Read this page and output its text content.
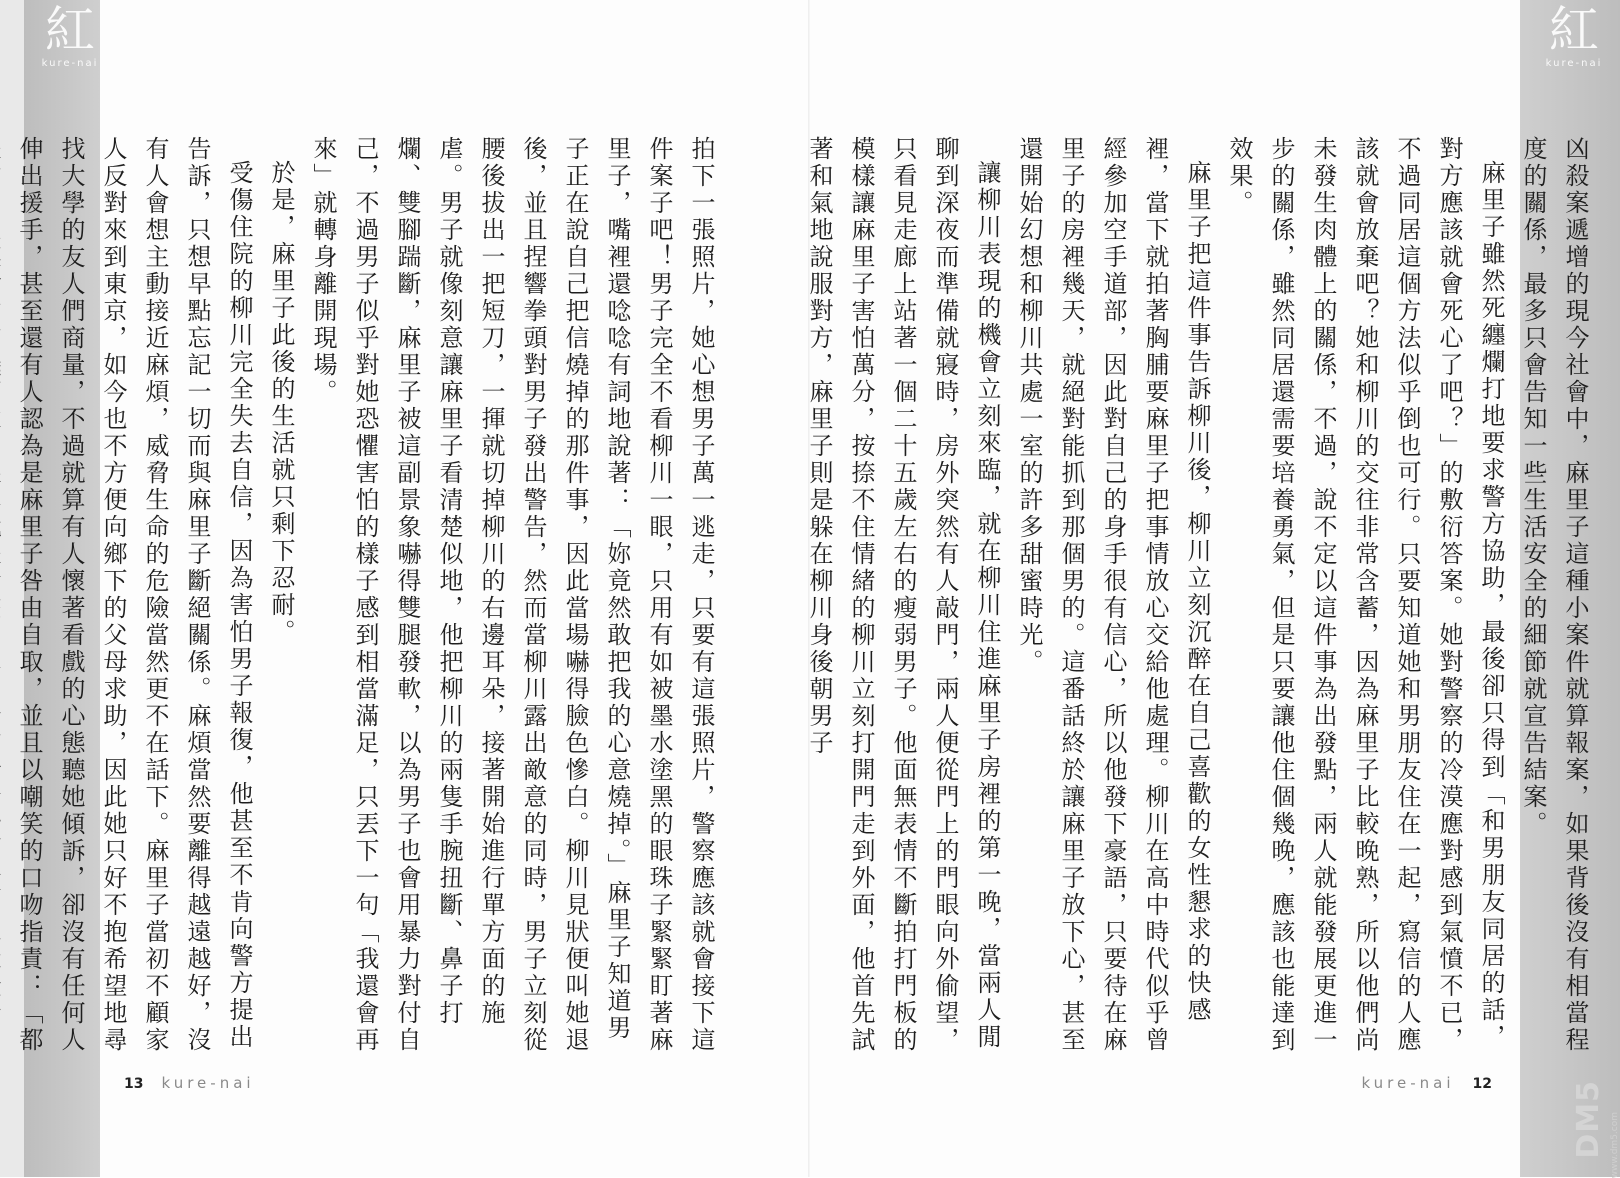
紅
kure-nai

拍下一張照片，她心想男子萬一逃走，只要有這張照片，警察應該就會接下這件案子吧！男子完全不看柳川一眼，只用有如被墨水塗黑的眼珠子緊緊盯著麻里子，嘴裡還唸唸有詞地說著：「妳竟然敢把我的心意燒掉。」麻里子知道男子正在說自己把信燒掉的那件事，因此當場嚇得臉色慘白。柳川見狀便叫她退後，並且捏響拳頭對男子發出警告，然而當柳川露出敵意的同時，男子立刻從腰後拔出一把短刀，一揮就切掉柳川的右邊耳朵，接著開始進行單方面的施虐。男子就像刻意讓麻里子看清楚似地，他把柳川的兩隻手腕扭斷、鼻子打爛、雙腳踹斷，麻里子被這副景象嚇得雙腿發軟，以為男子也會用暴力對付自己，不過男子似乎對她恐懼害怕的樣子感到相當滿足，只丟下一句「我還會再來」就轉身離開現場。

於是，麻里子此後的生活就只剩下忍耐。

受傷住院的柳川完全失去自信，因為害怕男子報復，他甚至不肯向警方提出告訴，只想早點忘記一切而與麻里子斷絕關係。麻煩當然要離得越遠越好，沒有人會想主動接近麻煩，威脅生命的危險當然更不在話下。麻里子當初不顧家人反對來到東京，如今也不方便向鄉下的父母求助，因此她只好不抱希望地尋找大學的友人們商量，不過就算有人懷著看戲的心態聽她傾訴，卻沒有任何人伸出援手，甚至還有人認為是麻里子咎由自取，並且以嘲笑的口吻指責：「都

13 kure-nai
紅
kure-nai

凶殺案遞增的現今社會中，麻里子這種小案件就算報案，如果背後沒有相當程度的關係，最多只會告知一些生活安全的細節就宣告結案。

麻里子雖然死纏爛打地要求警方協助，最後卻只得到「和男朋友同居的話，對方應該就會死心了吧？」的敷衍答案。她對警察的冷漠應對感到氣憤不已，不過同居這個方法似乎倒也可行。只要知道她和男朋友住在一起，寫信的人應該就會放棄吧？她和柳川的交往非常含蓄，因為麻里子比較晚熟，所以他們尚未發生肉體上的關係，不過，說不定以這件事為出發點，兩人就能發展更進一步的關係，雖然同居還需要培養勇氣，但是只要讓他住個幾晚，應該也能達到效果。

麻里子把這件事告訴柳川後，柳川立刻沉醉在自己喜歡的女性懇求的快感裡，當下就拍著胸脯要麻里子把事情放心交給他處理。柳川在高中時代似乎曾經參加空手道部，因此對自己的身手很有信心，所以他發下豪語，只要待在麻里子的房裡幾天，就絕對能抓到那個男的。這番話終於讓麻里子放下心，甚至還開始幻想和柳川共處一室的許多甜蜜時光。

讓柳川表現的機會立刻來臨，就在柳川住進麻里子房裡的第一晚，當兩人閒聊到深夜而準備就寢時，房外突然有人敲門，兩人便從門上的門眼向外偷望，只看見走廊上站著一個二十五歲左右的瘦弱男子。他面無表情不斷拍打門板的模樣讓麻里子害怕萬分，按捺不住情緒的柳川立刻打開門走到外面，他首先試著和氣地說服對方，麻里子則是躲在柳川身後朝男子

kure-nai 12	DM5 www.dm5.com
